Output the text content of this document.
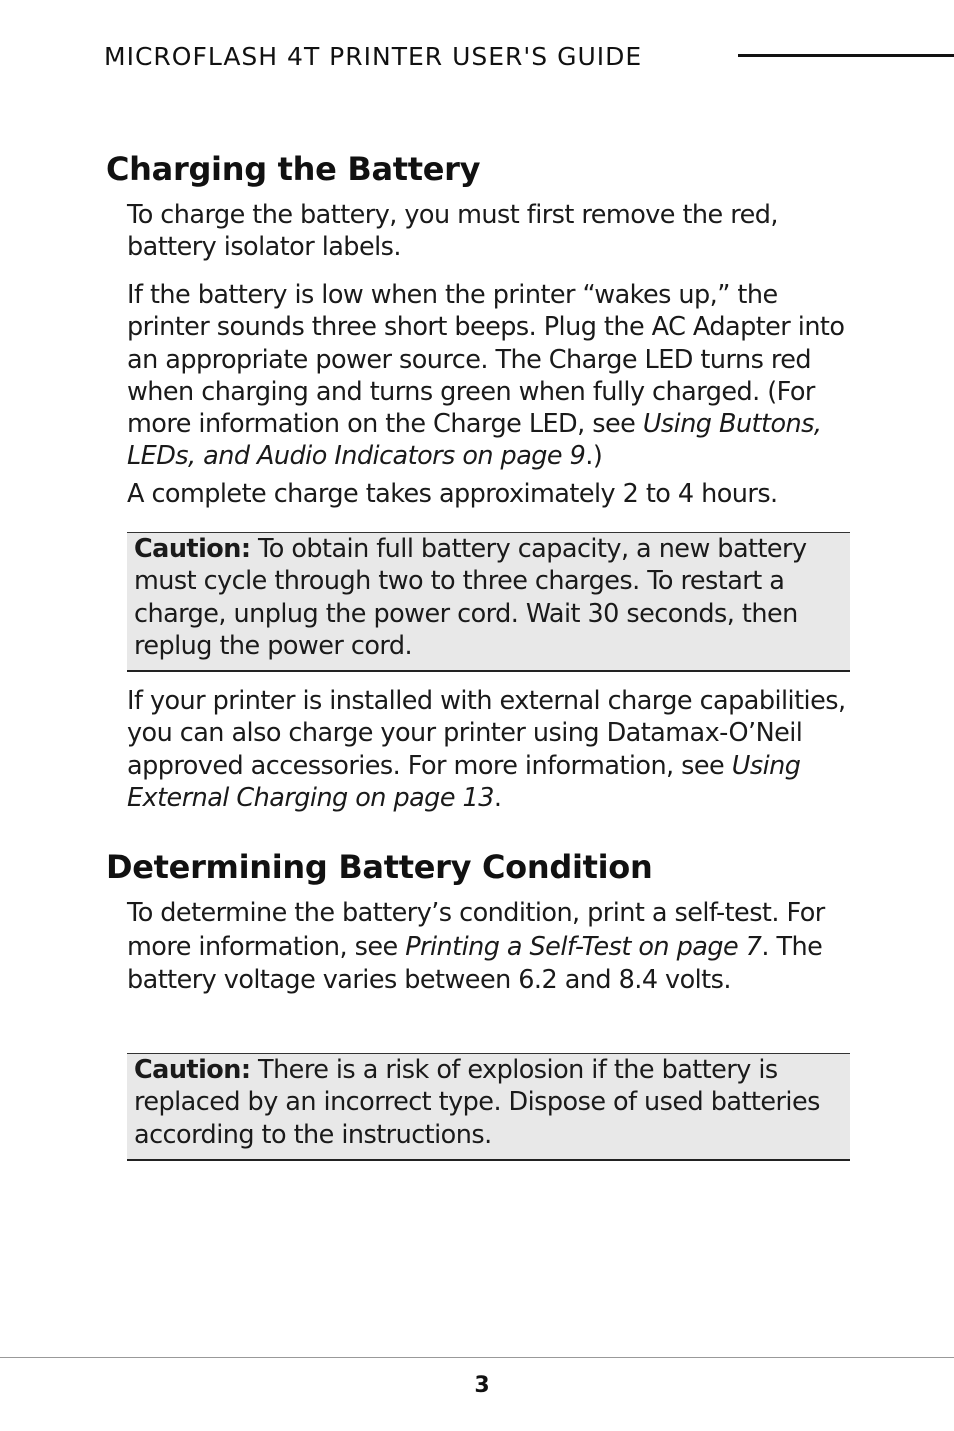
MICROFLASH 4T PRINTER USER'S GUIDE
Charging the Battery

To charge the battery, you must first remove the red, battery isolator labels.

If the battery is low when the printer “wakes up,” the printer sounds three short beeps. Plug the AC Adapter into an appropriate power source. The Charge LED turns red when charging and turns green when fully charged. (For more information on the Charge LED, see Using Buttons, LEDs, and Audio Indicators on page 9.)

A complete charge takes approximately 2 to 4 hours.

Caution: To obtain full battery capacity, a new battery must cycle through two to three charges. To restart a charge, unplug the power cord. Wait 30 seconds, then replug the power cord.

If your printer is installed with external charge capabilities, you can also charge your printer using Datamax-O’Neil approved accessories. For more information, see Using External Charging on page 13.

Determining Battery Condition

To determine the battery’s condition, print a self-test. For more information, see Printing a Self-Test on page 7. The battery voltage varies between 6.2 and 8.4 volts.

Caution: There is a risk of explosion if the battery is replaced by an incorrect type. Dispose of used batteries according to the instructions.

3
